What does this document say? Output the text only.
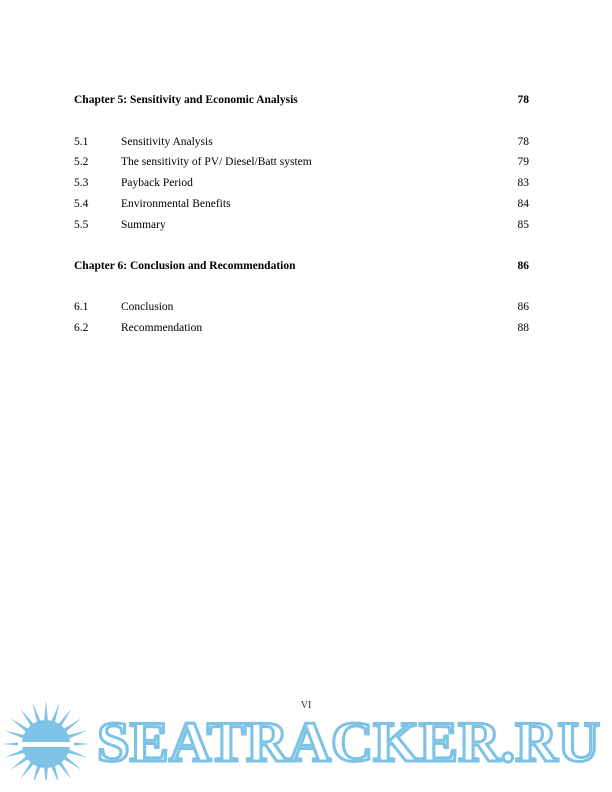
Chapter 5: Sensitivity and Economic Analysis	78
5.1	Sensitivity Analysis	78
5.2	The sensitivity of PV/ Diesel/Batt system	79
5.3	Payback Period	83
5.4	Environmental Benefits	84
5.5	Summary	85
Chapter 6: Conclusion and Recommendation	86
6.1	Conclusion	86
6.2	Recommendation	88
SEATRACKER.RU
VI
